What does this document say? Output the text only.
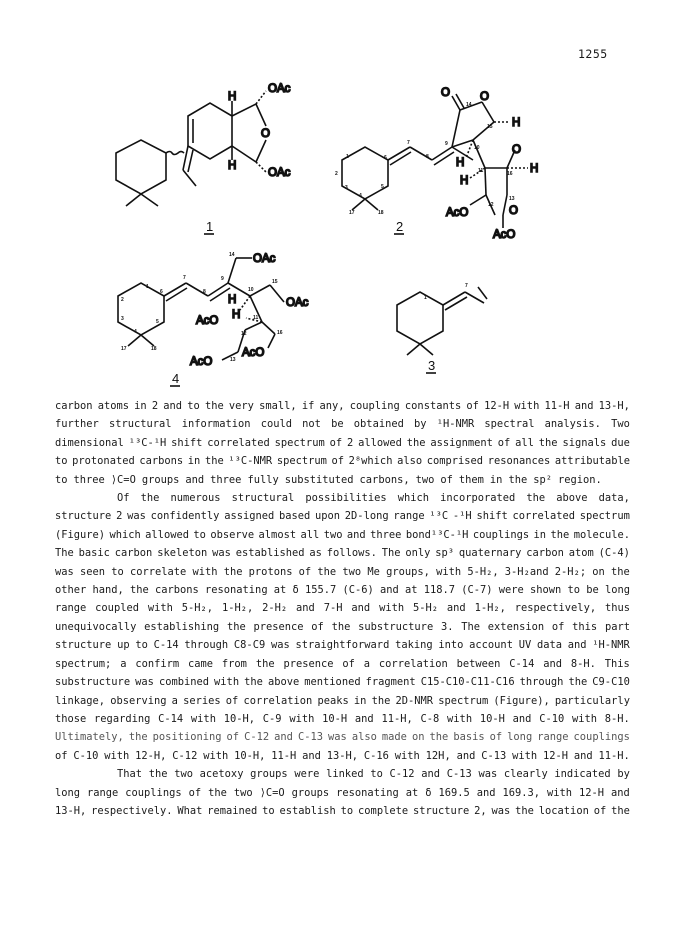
1255
OAc
O
OAc
H
H
1
O	O
H
O
H
H
H
AcO	O
AcO
2
1
3
4
5
6
7
8
9
10
11
12
13
14
15
16
17	18
2
OAc
OAc
H
H
AcO
AcO
AcO
2
1
3
4
5
6
7
8
9
10
11
12
13
14
15
16
17	18
4
1
7
3
carbon atoms in 2 and to the very small, if any, coupling constants of 12-H with 11-H and 13-H,
further structural information could not be obtained by ¹H-NMR spectral analysis. Two
dimensional ¹³C-¹H shift correlated spectrum of 2 allowed the assignment of all the signals due
to protonated carbons in the ¹³C-NMR spectrum of 2⁸which also comprised resonances attributable
to three ⟩C=O groups and three fully substituted carbons, two of them in the sp² region.
Of the numerous structural possibilities which incorporated the above data,
structure 2 was confidently assigned based upon 2D-long range ¹³C -¹H shift correlated spectrum
(Figure) which allowed to observe almost all two and three bond¹³C-¹H couplings in the molecule.
The basic carbon skeleton was established as follows. The only sp³ quaternary carbon atom (C-4)
was seen to correlate with the protons of the two Me groups, with 5-H₂, 3-H₂and 2-H₂; on the
other hand, the carbons resonating at δ 155.7 (C-6) and at 118.7 (C-7) were shown to be long
range coupled with 5-H₂, 1-H₂, 2-H₂ and 7-H and with 5-H₂ and 1-H₂, respectively, thus
unequivocally establishing the presence of the substructure 3. The extension of this part
structure up to C-14 through C8-C9 was straightforward taking into account UV data and ¹H-NMR
spectrum; a confirm came from the presence of a correlation between C-14 and 8-H. This
substructure was combined with the above mentioned fragment C15-C10-C11-C16 through the C9-C10
linkage, observing a series of correlation peaks in the 2D-NMR spectrum (Figure), particularly
those regarding C-14 with 10-H, C-9 with 10-H and 11-H, C-8 with 10-H and C-10 with 8-H.
Ultimately, the positioning of C-12 and C-13 was also made on the basis of long range couplings
of C-10 with 12-H, C-12 with 10-H, 11-H and 13-H, C-16 with 12H, and C-13 with 12-H and 11-H.
That the two acetoxy groups were linked to C-12 and C-13 was clearly indicated by
long range couplings of the two ⟩C=O groups resonating at δ 169.5 and 169.3, with 12-H and
13-H, respectively. What remained to establish to complete structure 2, was the location of the
